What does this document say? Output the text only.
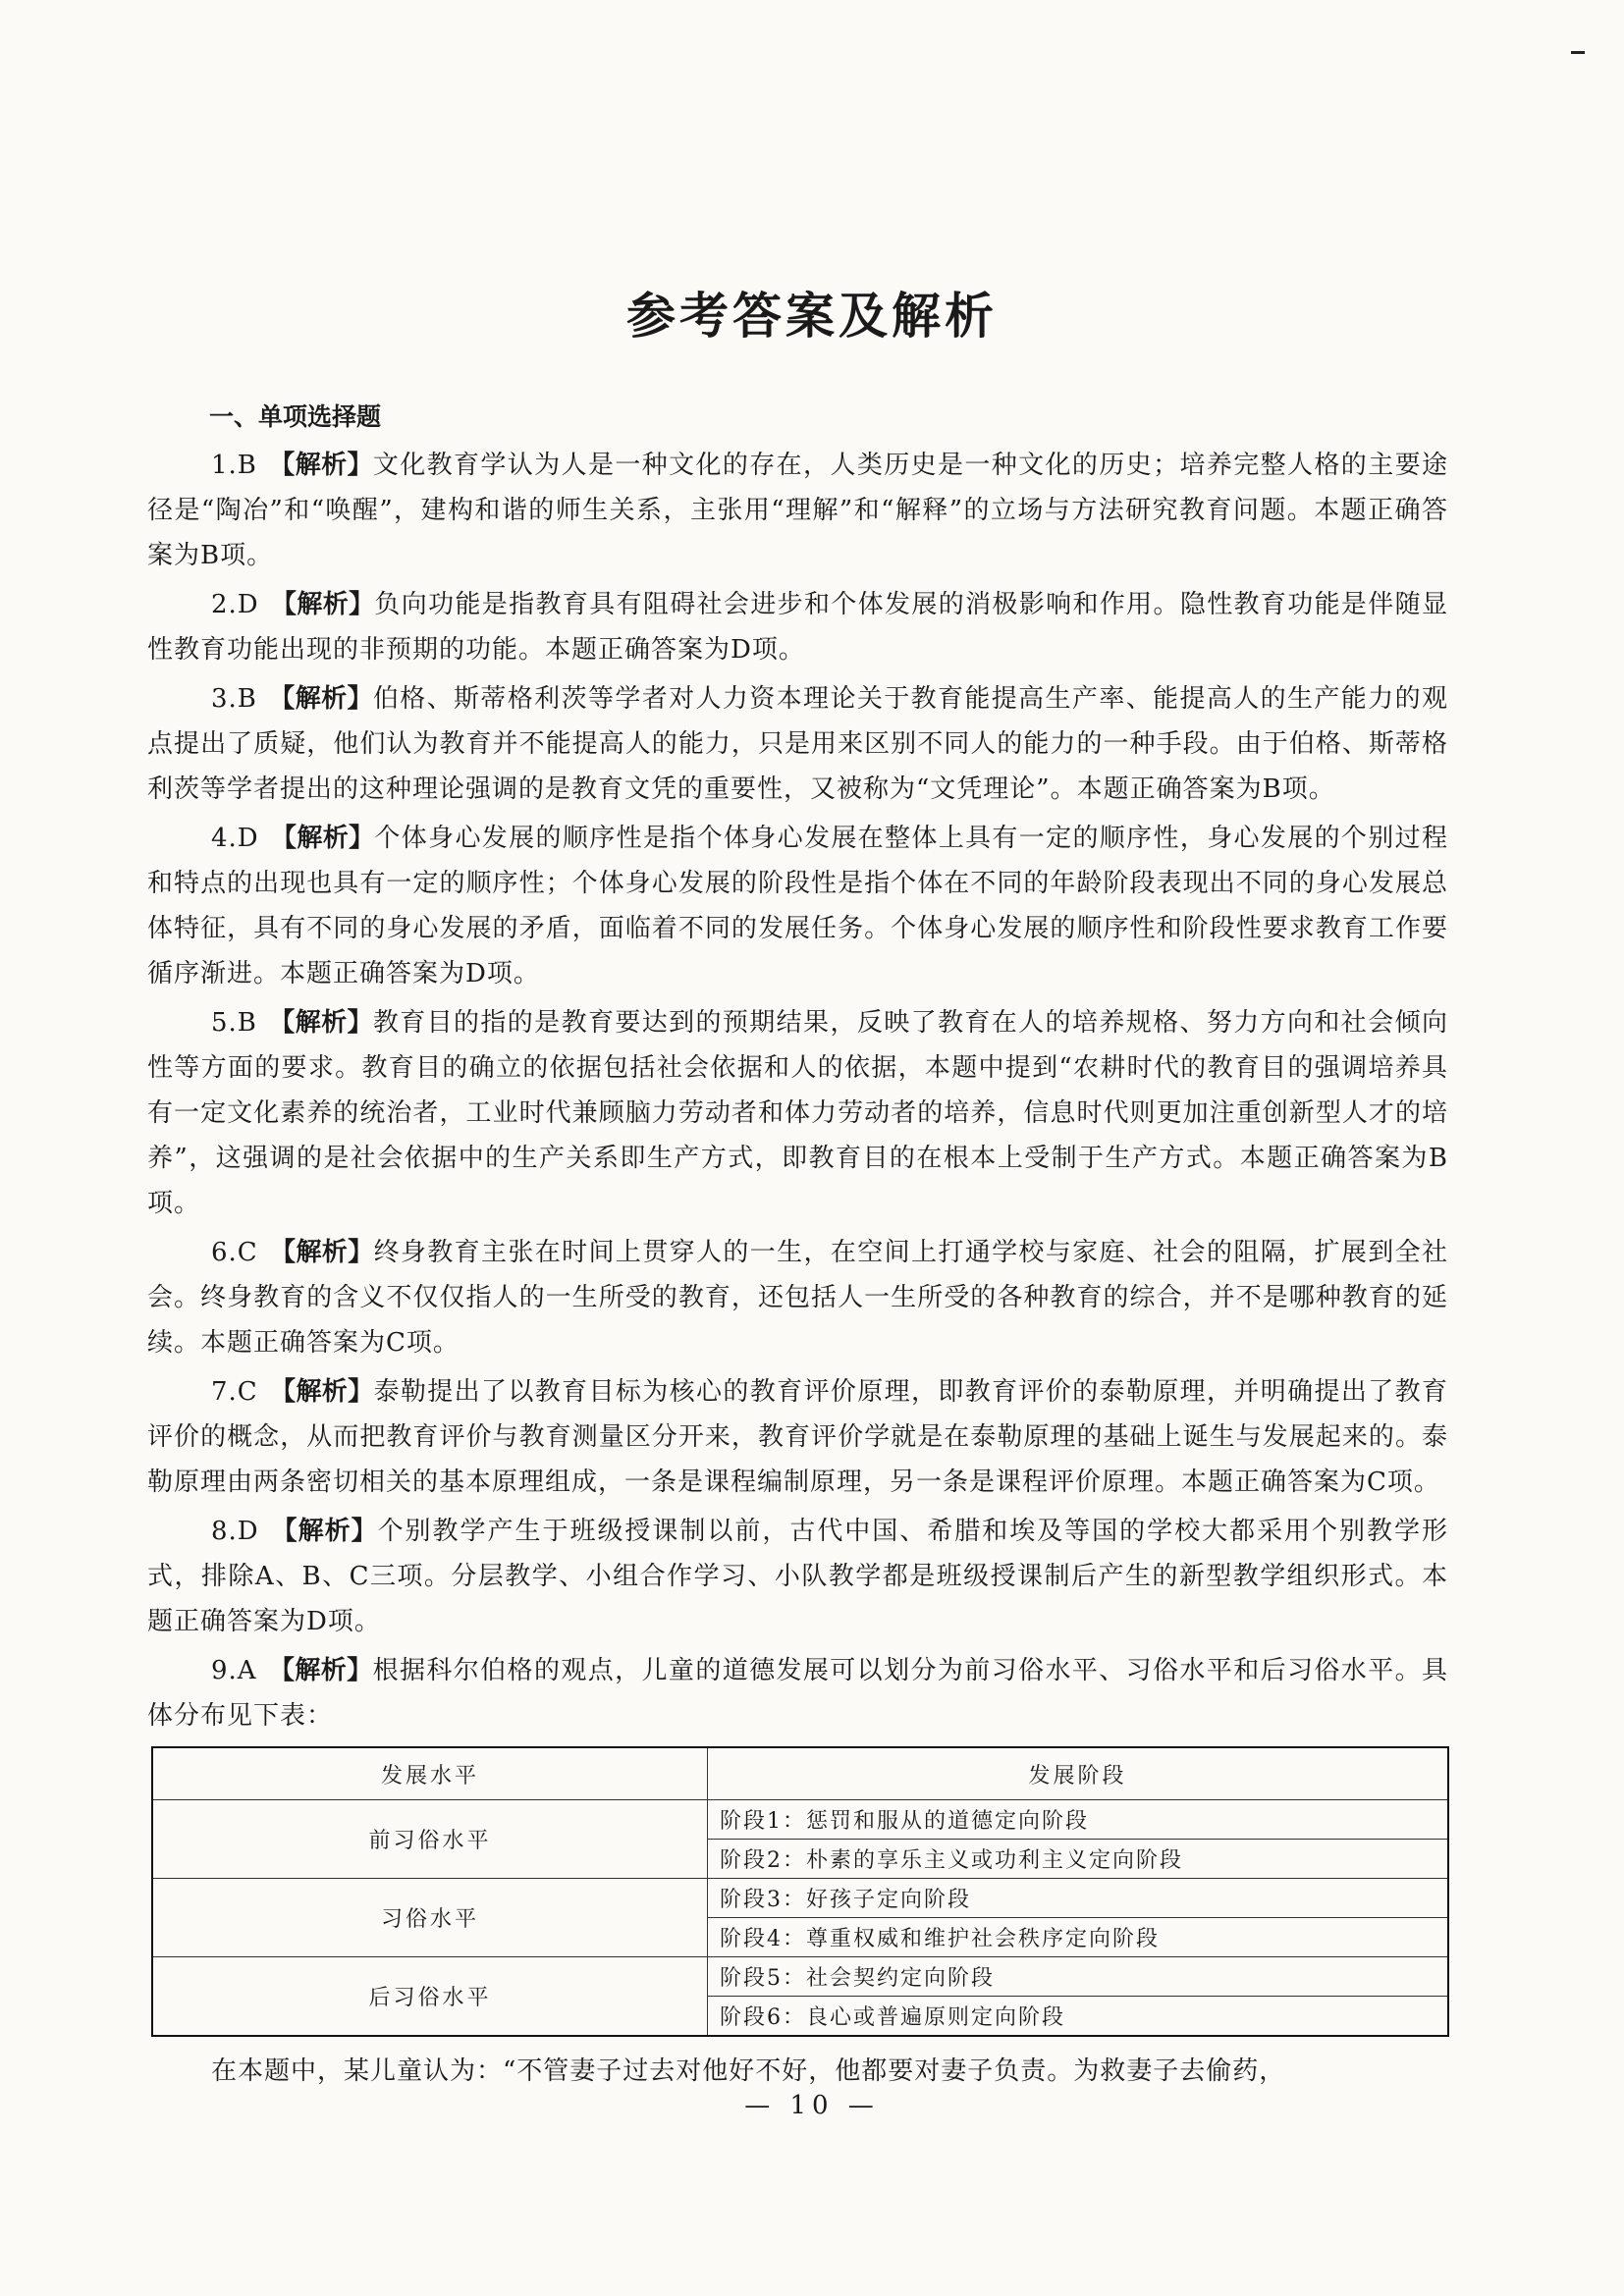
参考答案及解析
一、单项选择题

1.B 【解析】文化教育学认为人是一种文化的存在，人类历史是一种文化的历史；培养完整人格的主要途径是“陶冶”和“唤醒”，建构和谐的师生关系，主张用“理解”和“解释”的立场与方法研究教育问题。本题正确答案为B项。

2.D 【解析】负向功能是指教育具有阻碍社会进步和个体发展的消极影响和作用。隐性教育功能是伴随显性教育功能出现的非预期的功能。本题正确答案为D项。

3.B 【解析】伯格、斯蒂格利茨等学者对人力资本理论关于教育能提高生产率、能提高人的生产能力的观点提出了质疑，他们认为教育并不能提高人的能力，只是用来区别不同人的能力的一种手段。由于伯格、斯蒂格利茨等学者提出的这种理论强调的是教育文凭的重要性，又被称为“文凭理论”。本题正确答案为B项。

4.D 【解析】个体身心发展的顺序性是指个体身心发展在整体上具有一定的顺序性，身心发展的个别过程和特点的出现也具有一定的顺序性；个体身心发展的阶段性是指个体在不同的年龄阶段表现出不同的身心发展总体特征，具有不同的身心发展的矛盾，面临着不同的发展任务。个体身心发展的顺序性和阶段性要求教育工作要循序渐进。本题正确答案为D项。

5.B 【解析】教育目的指的是教育要达到的预期结果，反映了教育在人的培养规格、努力方向和社会倾向性等方面的要求。教育目的确立的依据包括社会依据和人的依据，本题中提到“农耕时代的教育目的强调培养具有一定文化素养的统治者，工业时代兼顾脑力劳动者和体力劳动者的培养，信息时代则更加注重创新型人才的培养”，这强调的是社会依据中的生产关系即生产方式，即教育目的在根本上受制于生产方式。本题正确答案为B项。

6.C 【解析】终身教育主张在时间上贯穿人的一生，在空间上打通学校与家庭、社会的阻隔，扩展到全社会。终身教育的含义不仅仅指人的一生所受的教育，还包括人一生所受的各种教育的综合，并不是哪种教育的延续。本题正确答案为C项。

7.C 【解析】泰勒提出了以教育目标为核心的教育评价原理，即教育评价的泰勒原理，并明确提出了教育评价的概念，从而把教育评价与教育测量区分开来，教育评价学就是在泰勒原理的基础上诞生与发展起来的。泰勒原理由两条密切相关的基本原理组成，一条是课程编制原理，另一条是课程评价原理。本题正确答案为C项。

8.D 【解析】个别教学产生于班级授课制以前，古代中国、希腊和埃及等国的学校大都采用个别教学形式，排除A、B、C三项。分层教学、小组合作学习、小队教学都是班级授课制后产生的新型教学组织形式。本题正确答案为D项。

9.A 【解析】根据科尔伯格的观点，儿童的道德发展可以划分为前习俗水平、习俗水平和后习俗水平。具体分布见下表：

发展水平	发展阶段
前习俗水平	阶段1：惩罚和服从的道德定向阶段
	阶段2：朴素的享乐主义或功利主义定向阶段
习俗水平	阶段3：好孩子定向阶段
	阶段4：尊重权威和维护社会秩序定向阶段
后习俗水平	阶段5：社会契约定向阶段
	阶段6：良心或普遍原则定向阶段

在本题中，某儿童认为：“不管妻子过去对他好不好，他都要对妻子负责。为救妻子去偷药，

— 10 —
